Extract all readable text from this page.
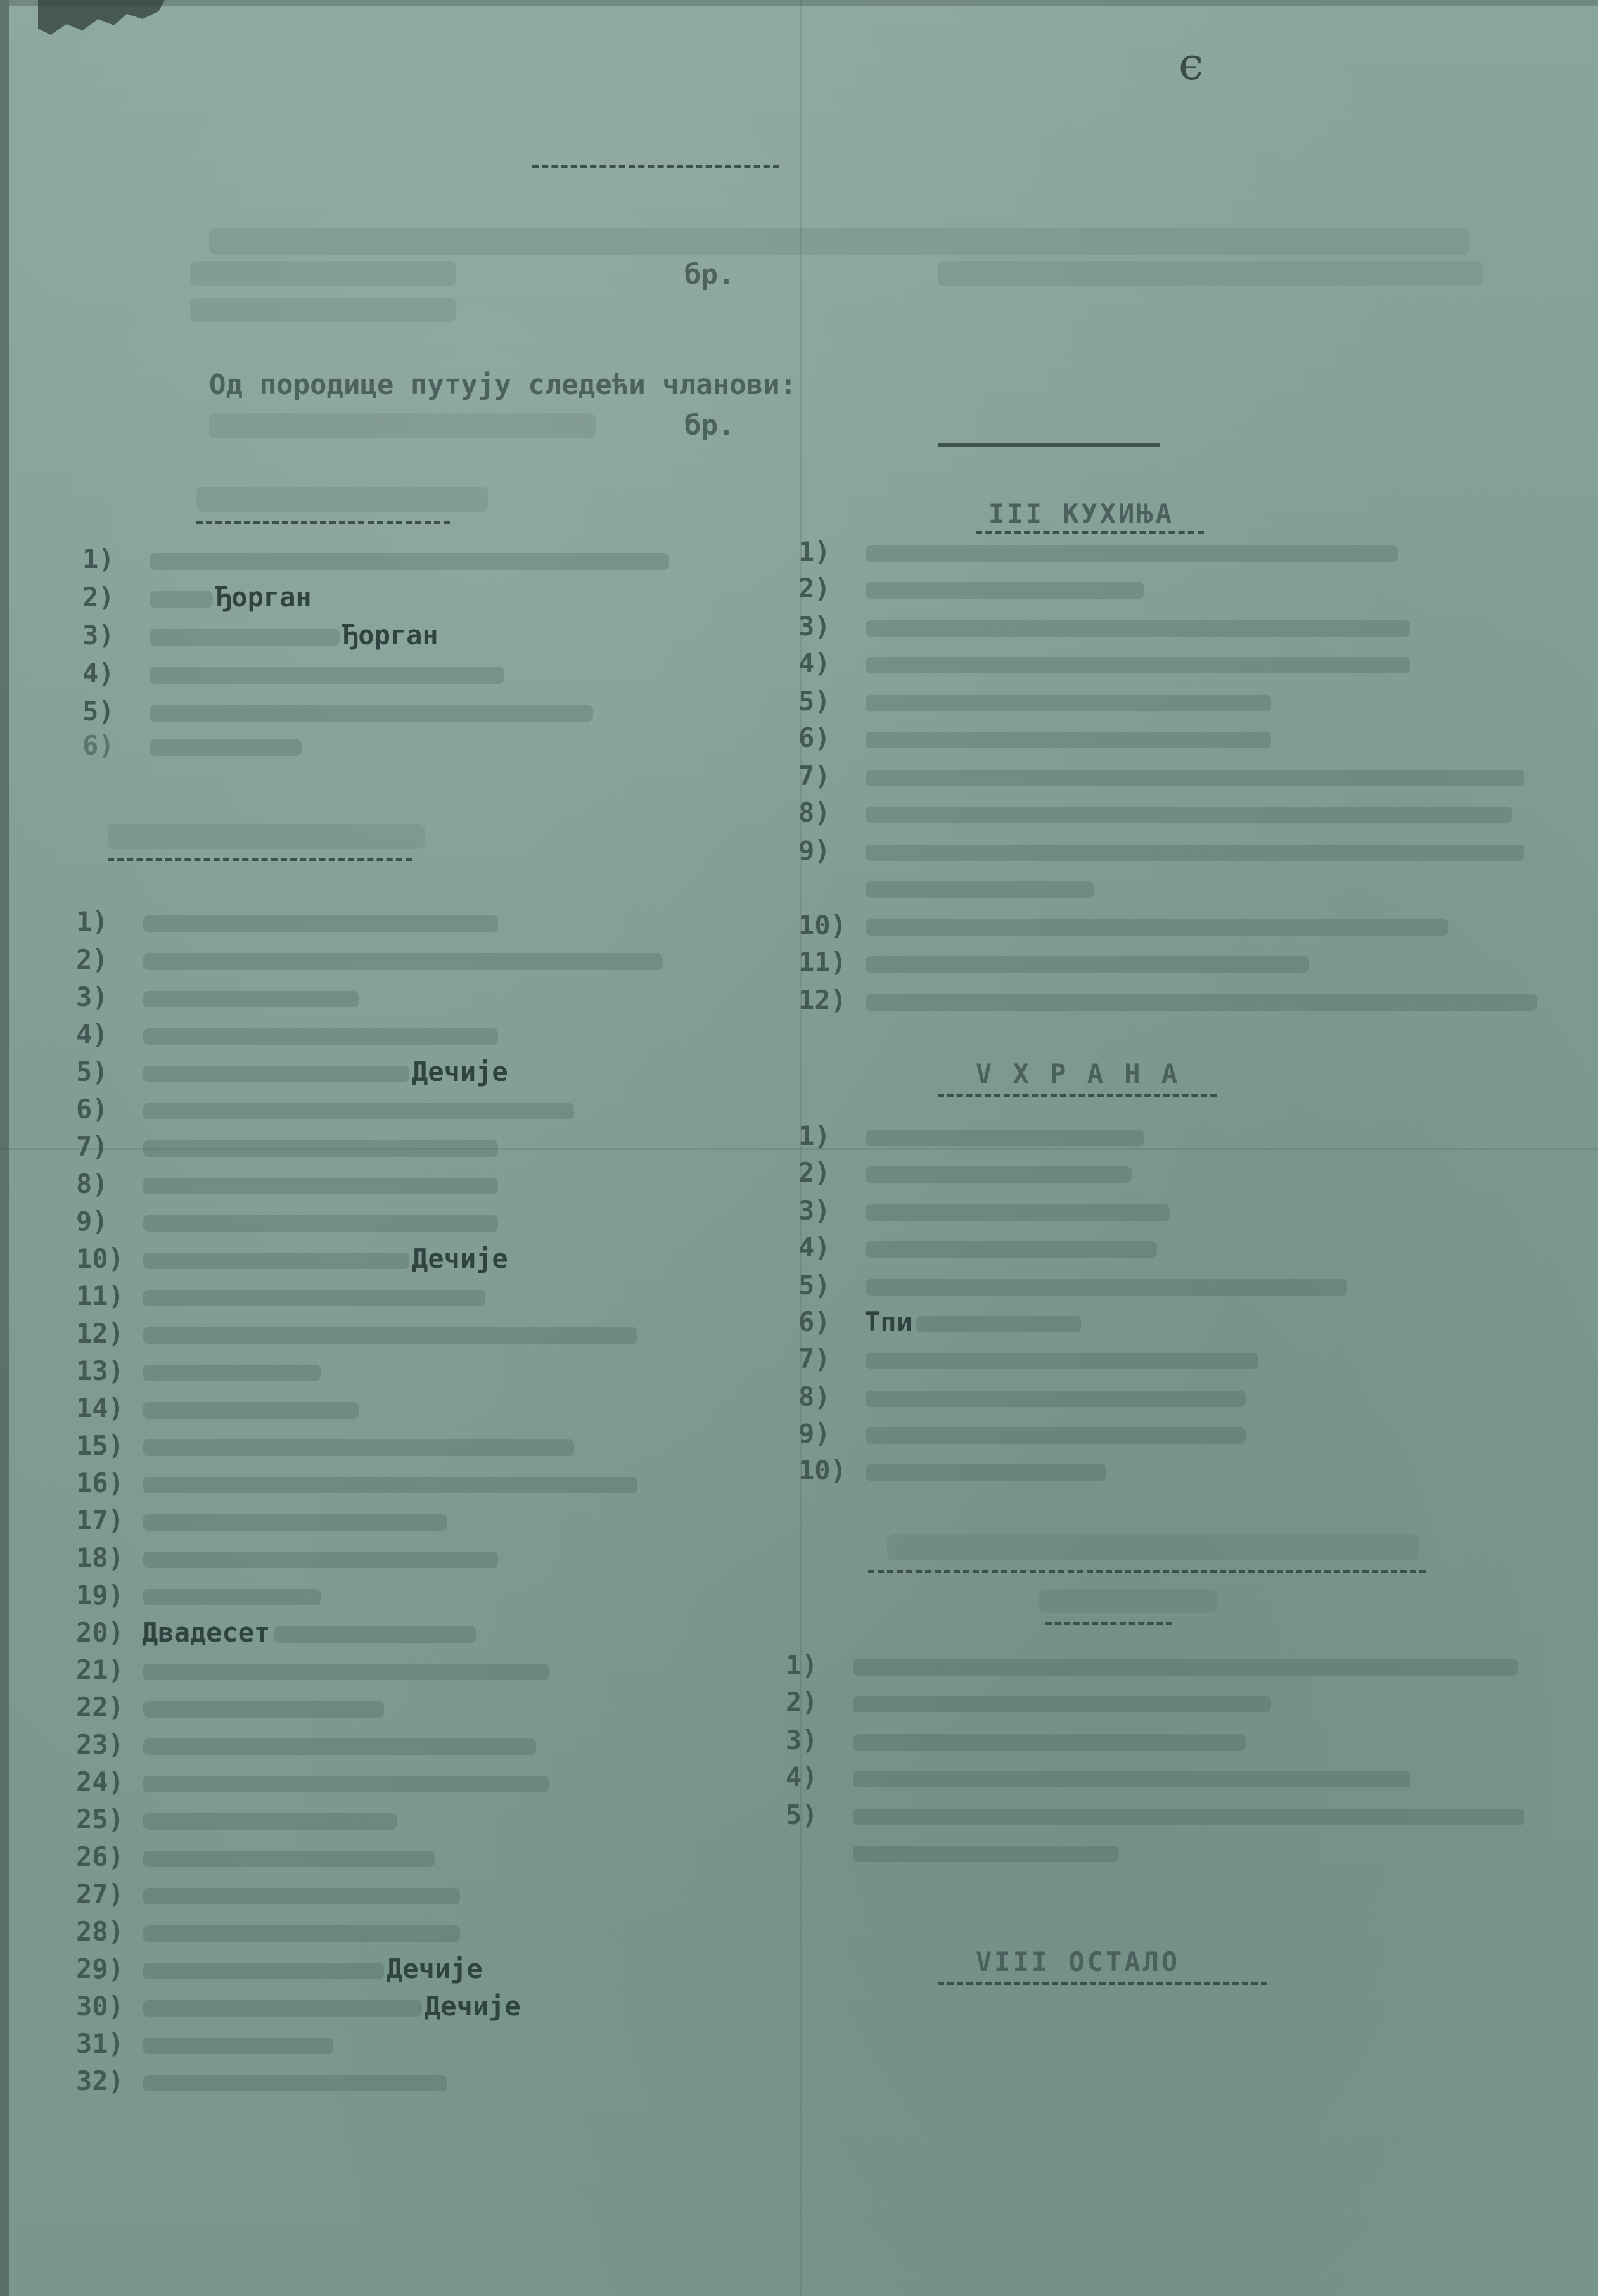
ϵ
бр.
Од породице путују следећи чланови:
бр.
1)
2)	Ђорган
3)	Ђорган
4)
5)
6)
1)
2)
3)
4)
5)	Дечије
6)
7)
8)
9)
10)	Дечије
11)
12)
13)
14)
15)
16)
17)
18)
19)
20) Двадесет
21)
22)
23)
24)
25)
26)
27)
28)
29)	Дечије
30)	Дечије
31)
32)
III КУХИЊА
1)
2)
3)
4)
5)
6)
7)
8)
9)
10)
11)
12)
V Х Р А Н А
1)
2)
3)
4)
5)
6) Тпи
7)
8)
9)
10)
1)
2)
3)
4)
5)
VIII ОСТАЛО
